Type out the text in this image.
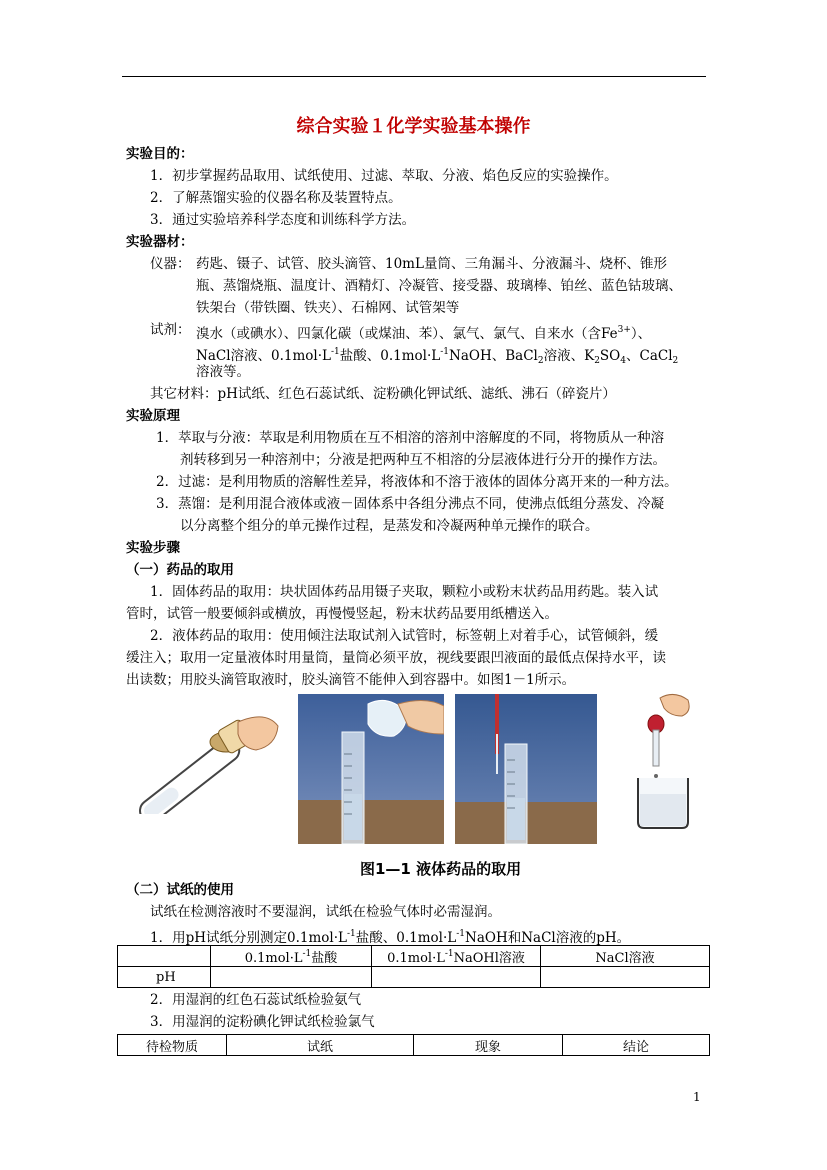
综合实验１化学实验基本操作
实验目的：
1．初步掌握药品取用、试纸使用、过滤、萃取、分液、焰色反应的实验操作。
2．了解蒸馏实验的仪器名称及装置特点。
3．通过实验培养科学态度和训练科学方法。
实验器材：
仪器： 药匙、镊子、试管、胶头滴管、10mL量筒、三角漏斗、分液漏斗、烧杯、锥形
瓶、蒸馏烧瓶、温度计、酒精灯、冷凝管、接受器、玻璃棒、铂丝、蓝色钴玻璃、
铁架台（带铁圈、铁夹）、石棉网、试管架等
试剂： 溴水（或碘水）、四氯化碳（或煤油、苯）、氯气、氯气、自来水（含$Fe^{3+}$）、
NaCl溶液、$0.1mol\cdot L^{-1}$盐酸、$0.1mol\cdot L^{-1}NaOH$、BaCl$_2$溶液、$K_2SO_4$、CaCl$_2$
溶液等。
其它材料：pH试纸、红色石蕊试纸、淀粉碘化钾试纸、滤纸、沸石（碎瓷片）
实验原理
1．萃取与分液：萃取是利用物质在互不相溶的溶剂中溶解度的不同，将物质从一种溶
剂转移到另一种溶剂中；分液是把两种互不相溶的分层液体进行分开的操作方法。
2．过滤：是利用物质的溶解性差异，将液体和不溶于液体的固体分离开来的一种方法。
3．蒸馏：是利用混合液体或液－固体系中各组分沸点不同，使沸点低组分蒸发、冷凝
以分离整个组分的单元操作过程，是蒸发和冷凝两种单元操作的联合。
实验步骤
（一）药品的取用
1．固体药品的取用：块状固体药品用镊子夹取，颗粒小或粉末状药品用药匙。装入试
管时，试管一般要倾斜或横放，再慢慢竖起，粉末状药品要用纸槽送入。
2．液体药品的取用：使用倾注法取试剂入试管时，标签朝上对着手心，试管倾斜，缓
缓注入；取用一定量液体时用量筒，量筒必须平放，视线要跟凹液面的最低点保持水平，读
出读数；用胶头滴管取液时，胶头滴管不能伸入到容器中。如图1－1所示。
图1—1 液体药品的取用
（二）试纸的使用
试纸在检测溶液时不要湿润，试纸在检验气体时必需湿润。
1．用pH试纸分别测定$0.1mol\cdot L^{-1}$盐酸、$0.1mol\cdot L^{-1}NaOH$和NaCl溶液的pH。
	$0.1mol\cdot L^{-1}$盐酸	$0.1mol\cdot L^{-1}NaOHl$溶液	NaCl溶液
pH			
2．用湿润的红色石蕊试纸检验氨气
3．用湿润的淀粉碘化钾试纸检验氯气
待检物质	试纸	现象	结论
1
